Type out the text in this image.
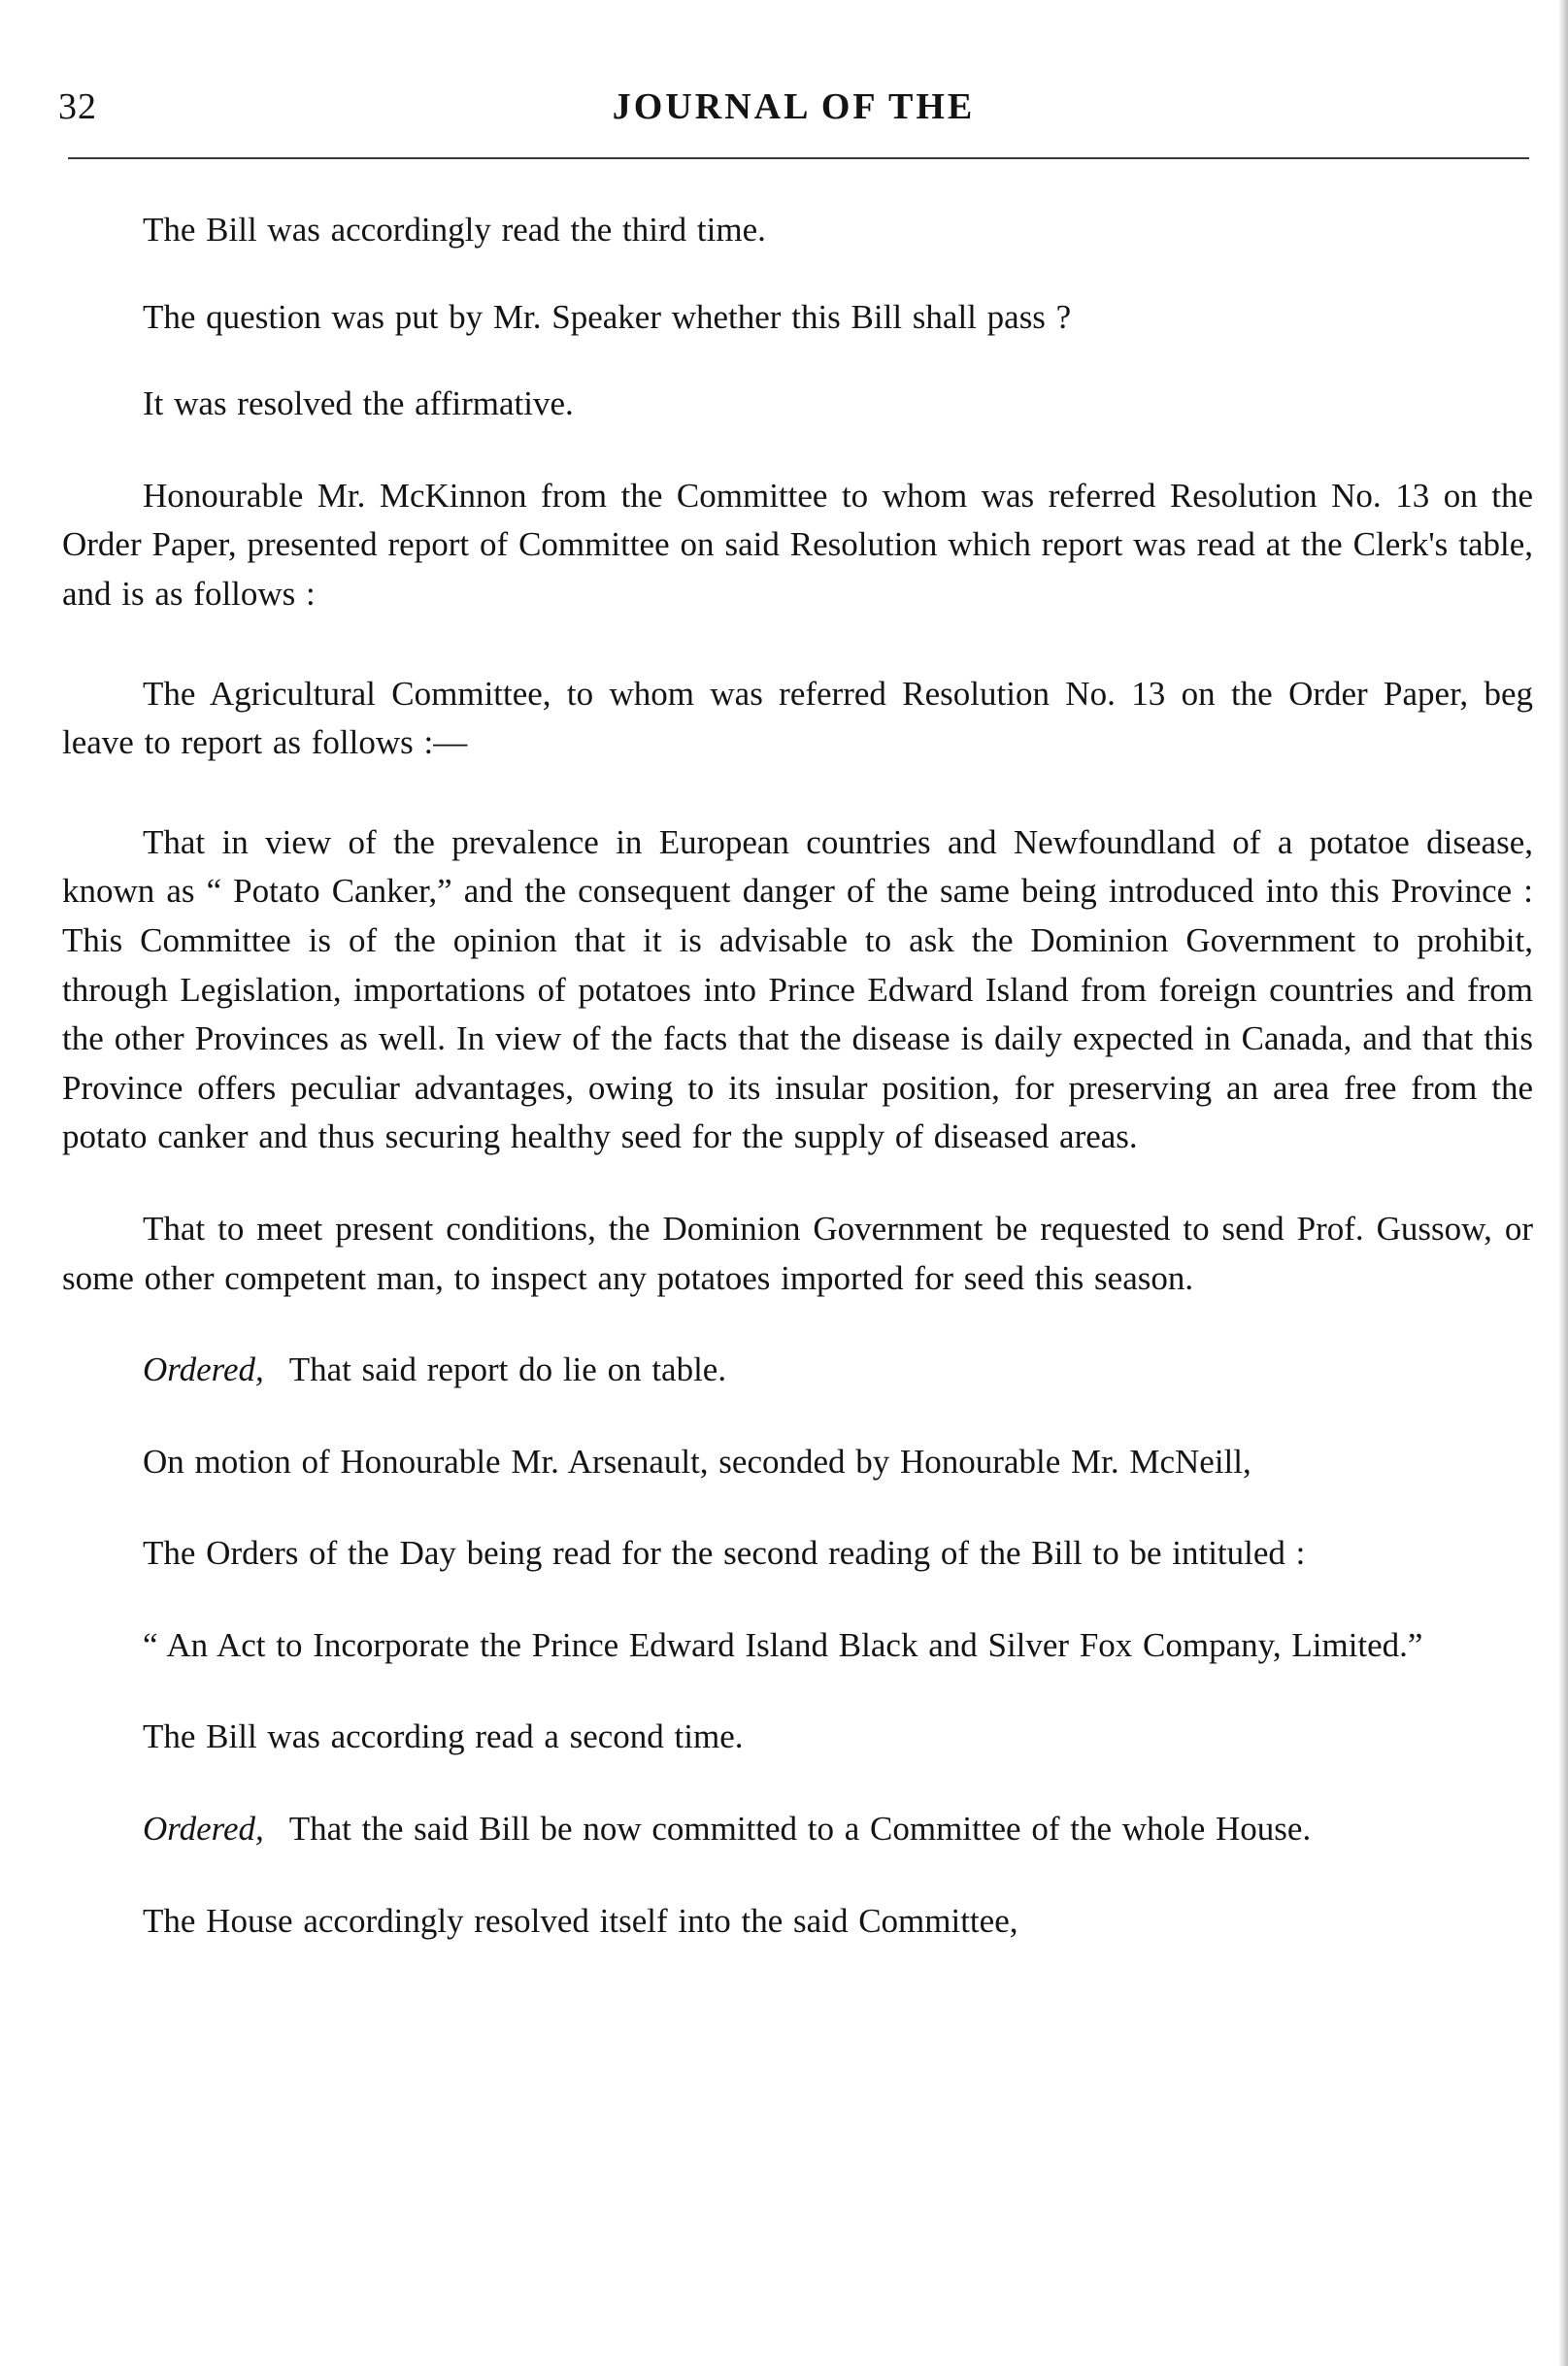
32	JOURNAL OF THE

The Bill was accordingly read the third time.

The question was put by Mr. Speaker whether this Bill shall pass ?

It was resolved the affirmative.

Honourable Mr. McKinnon from the Committee to whom was referred Resolution No. 13 on the Order Paper, presented report of Committee on said Resolution which report was read at the Clerk's table, and is as follows :

The Agricultural Committee, to whom was referred Resolution No. 13 on the Order Paper, beg leave to report as follows :—

That in view of the prevalence in European countries and Newfoundland of a potatoe disease, known as “ Potato Canker,” and the consequent danger of the same being introduced into this Province : This Committee is of the opinion that it is advisable to ask the Dominion Government to prohibit, through Legislation, importations of potatoes into Prince Edward Island from foreign countries and from the other Provinces as well. In view of the facts that the disease is daily expected in Canada, and that this Province offers peculiar advantages, owing to its insular position, for preserving an area free from the potato canker and thus securing healthy seed for the supply of diseased areas.

That to meet present conditions, the Dominion Government be requested to send Prof. Gussow, or some other competent man, to inspect any potatoes imported for seed this season.

Ordered, That said report do lie on table.

On motion of Honourable Mr. Arsenault, seconded by Honourable Mr. McNeill,

The Orders of the Day being read for the second reading of the Bill to be intituled :

“ An Act to Incorporate the Prince Edward Island Black and Silver Fox Company, Limited.”

The Bill was according read a second time.

Ordered, That the said Bill be now committed to a Committee of the whole House.

The House accordingly resolved itself into the said Committee,
